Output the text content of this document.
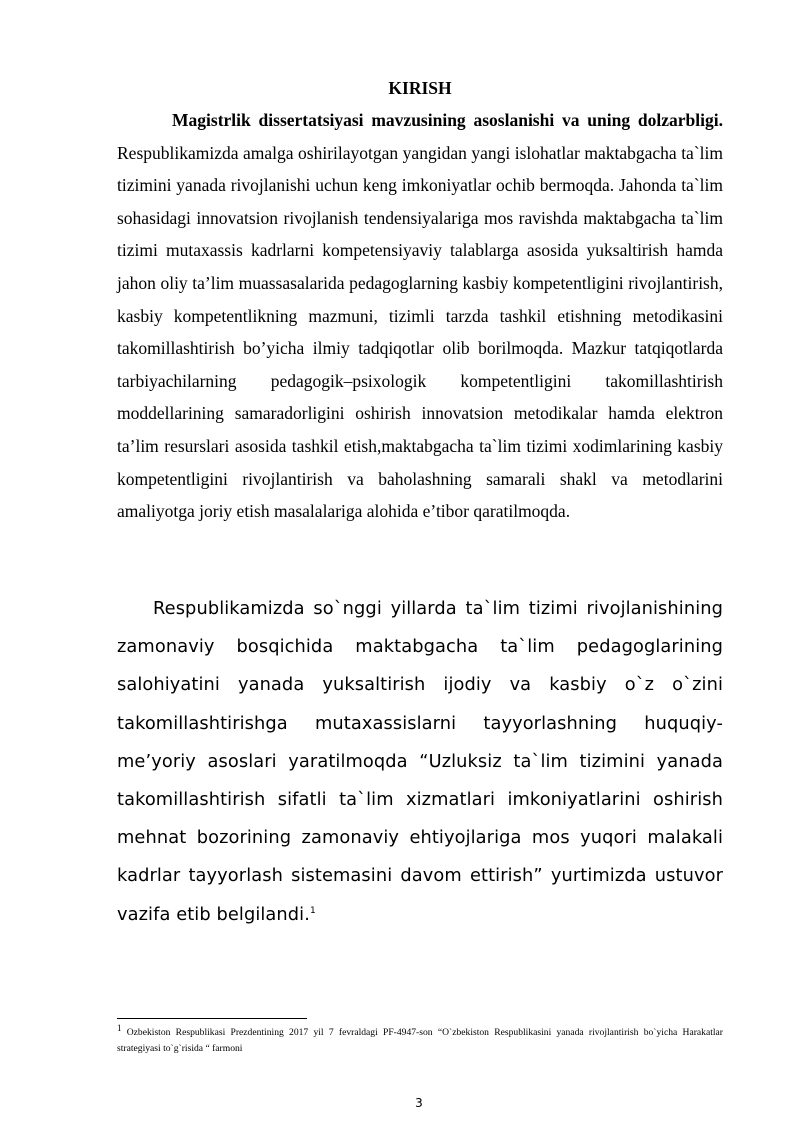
KIRISH
Magistrlik dissertatsiyasi mavzusining asoslanishi va uning dolzarbligi. Respublikamizda amalga oshirilayotgan yangidan yangi islohatlar maktabgacha ta`lim tizimini yanada rivojlanishi uchun keng imkoniyatlar ochib bermoqda. Jahonda ta`lim sohasidagi innovatsion rivojlanish tendensiyalariga mos ravishda maktabgacha ta`lim tizimi mutaxassis kadrlarni kompetensiyaviy talablarga asosida yuksaltirish hamda jahon oliy ta’lim muassasalarida pedagoglarning kasbiy kompetentligini rivojlantirish, kasbiy kompetentlikning mazmuni, tizimli tarzda tashkil etishning metodikasini takomillashtirish bo’yicha ilmiy tadqiqotlar olib borilmoqda. Mazkur tatqiqotlarda tarbiyachilarning pedagogik–psixologik kompetentligini takomillashtirish moddellarining samaradorligini oshirish innovatsion metodikalar hamda elektron ta’lim resurslari asosida tashkil etish,maktabgacha ta`lim tizimi xodimlarining kasbiy kompetentligini rivojlantirish va baholashning samarali shakl va metodlarini amaliyotga joriy etish masalalariga alohida e’tibor qaratilmoqda.
Respublikamizda so`nggi yillarda ta`lim tizimi rivojlanishining zamonaviy bosqichida maktabgacha ta`lim pedagoglarining salohiyatini yanada yuksaltirish ijodiy va kasbiy o`z o`zini takomillashtirishga mutaxassislarni tayyorlashning huquqiy-me’yoriy asoslari yaratilmoqda “Uzluksiz ta`lim tizimini yanada takomillashtirish sifatli ta`lim xizmatlari imkoniyatlarini oshirish mehnat bozorining zamonaviy ehtiyojlariga mos yuqori malakali kadrlar tayyorlash sistemasini davom ettirish” yurtimizda ustuvor vazifa etib belgilandi.$^1$
$^1$ Ozbekiston Respublikasi Prezdentining 2017 yil 7 fevraldagi PF-4947-son “O`zbekiston Respublikasini yanada rivojlantirish bo`yicha Harakatlar strategiyasi to`g`risida “ farmoni
3
